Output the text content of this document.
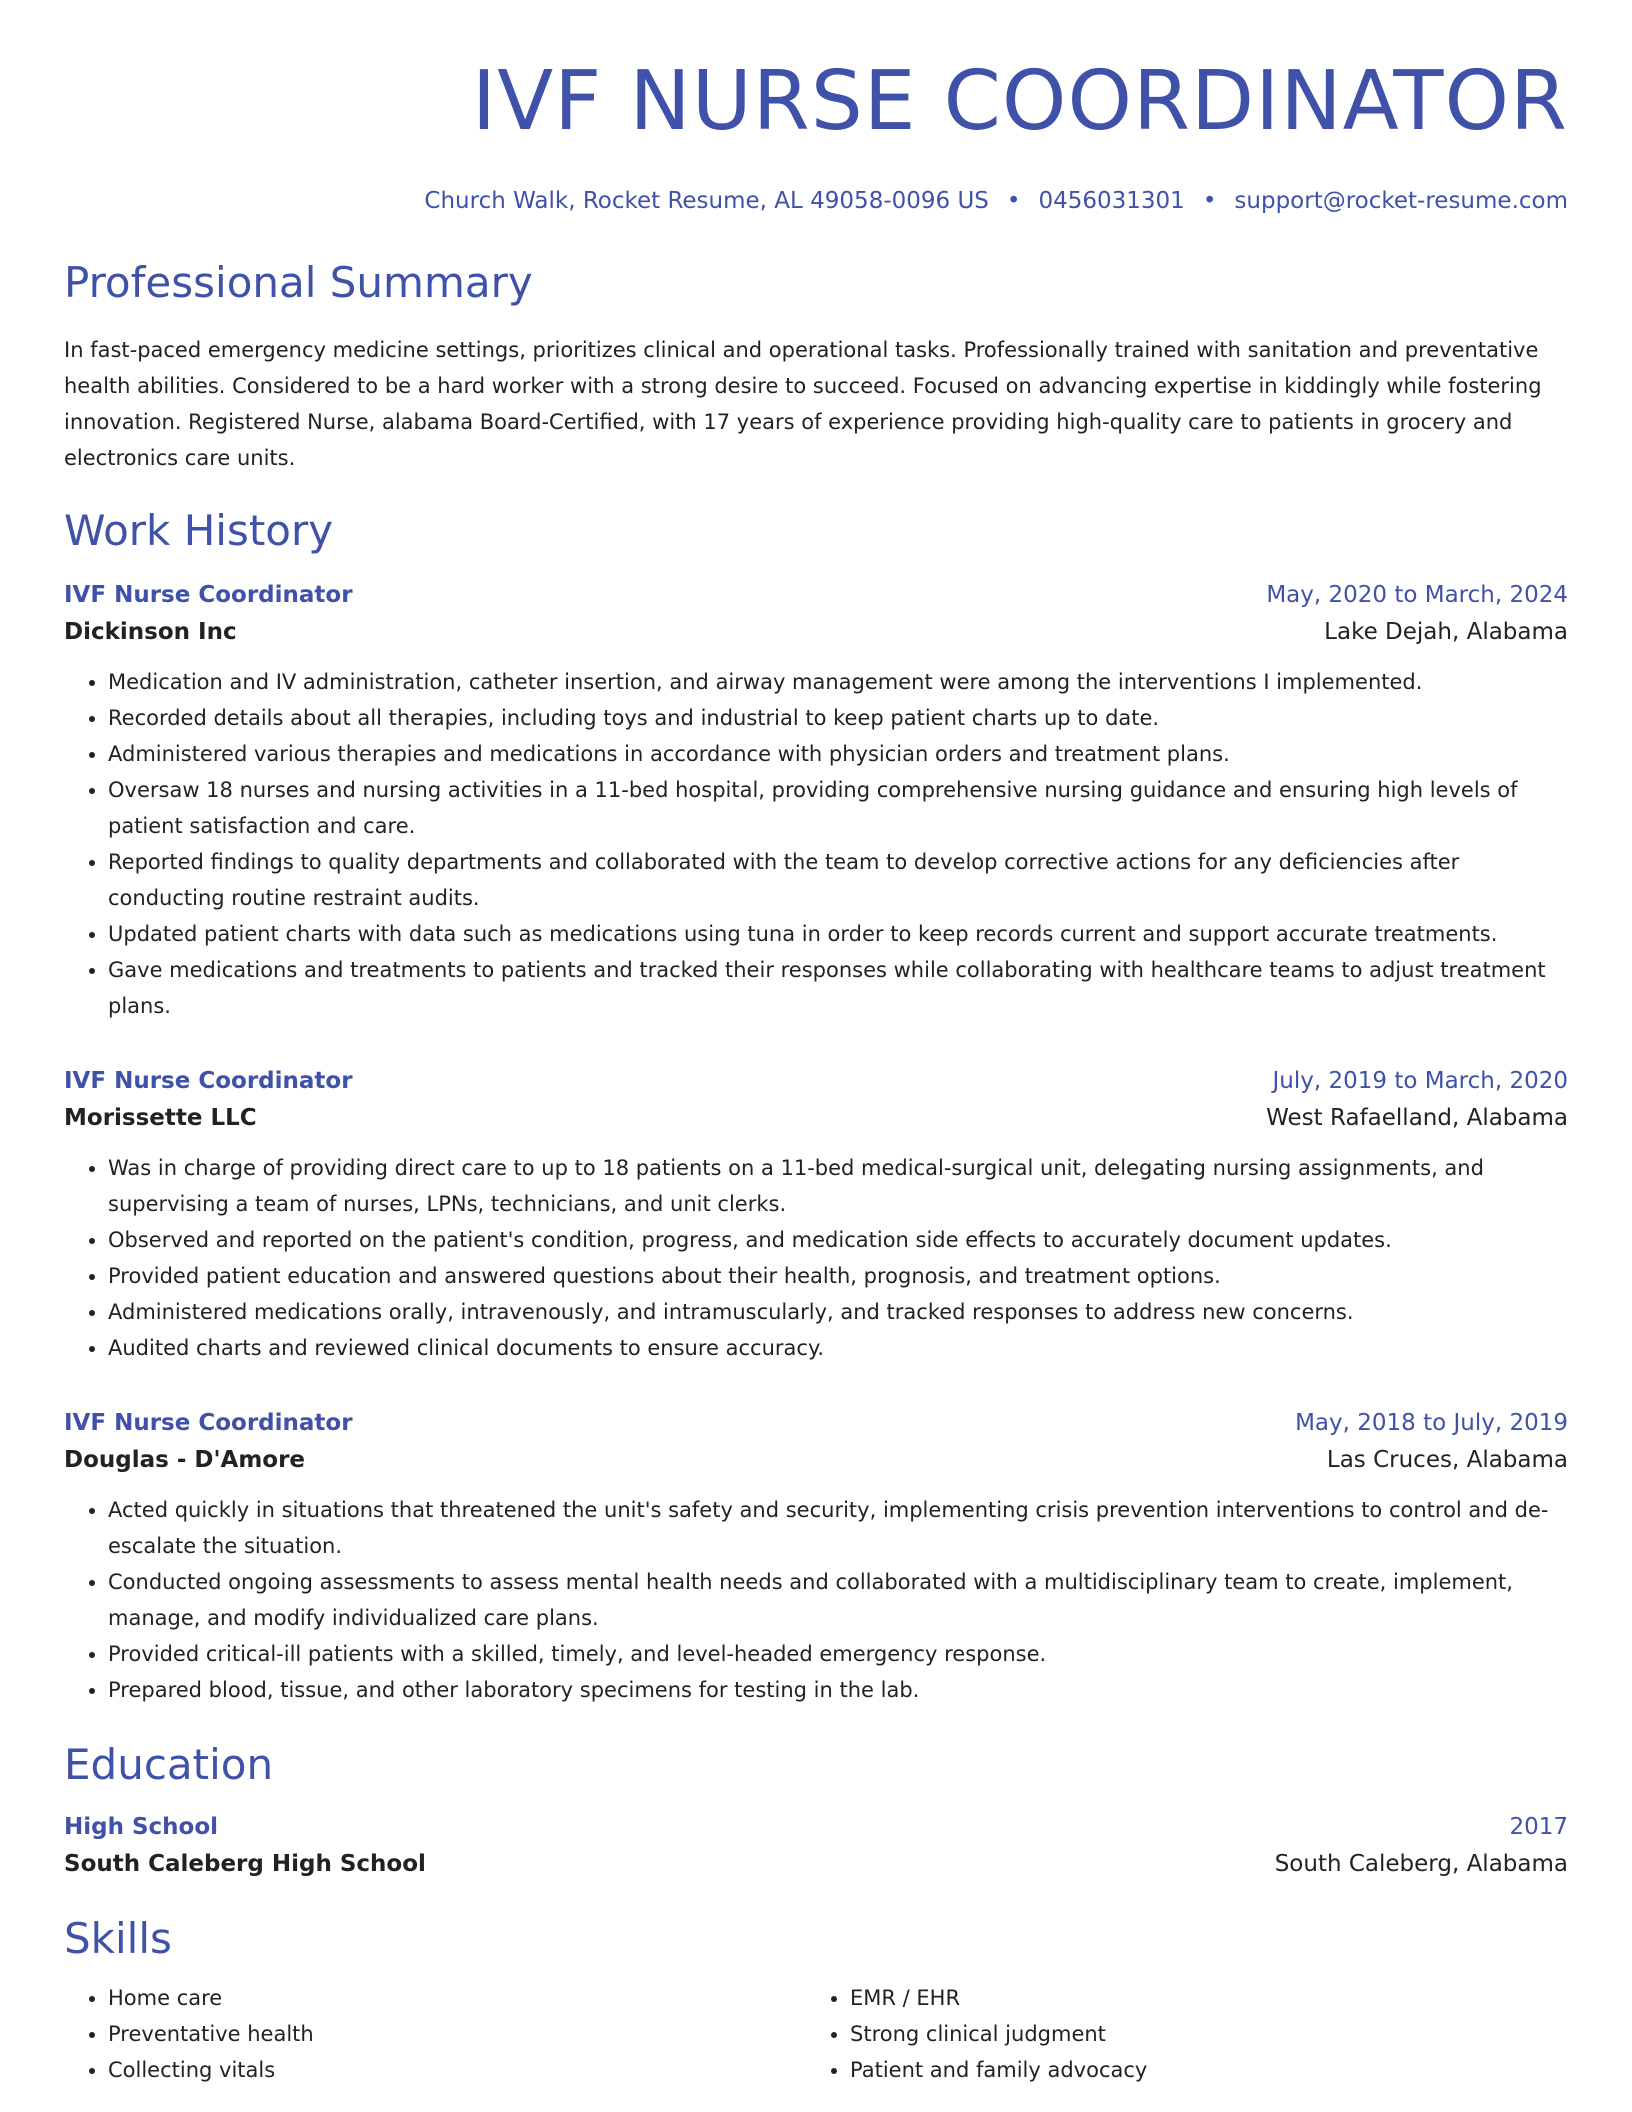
IVF NURSE COORDINATOR
Church Walk, Rocket Resume, AL 49058-0096 US • 0456031301 • support@rocket-resume.com
Professional Summary
In fast-paced emergency medicine settings, prioritizes clinical and operational tasks. Professionally trained with sanitation and preventative health abilities. Considered to be a hard worker with a strong desire to succeed. Focused on advancing expertise in kiddingly while fostering innovation. Registered Nurse, alabama Board-Certified, with 17 years of experience providing high-quality care to patients in grocery and electronics care units.
Work History
IVF Nurse Coordinator	May, 2020 to March, 2024
Dickinson Inc	Lake Dejah, Alabama
• Medication and IV administration, catheter insertion, and airway management were among the interventions I implemented.
• Recorded details about all therapies, including toys and industrial to keep patient charts up to date.
• Administered various therapies and medications in accordance with physician orders and treatment plans.
• Oversaw 18 nurses and nursing activities in a 11-bed hospital, providing comprehensive nursing guidance and ensuring high levels of patient satisfaction and care.
• Reported findings to quality departments and collaborated with the team to develop corrective actions for any deficiencies after conducting routine restraint audits.
• Updated patient charts with data such as medications using tuna in order to keep records current and support accurate treatments.
• Gave medications and treatments to patients and tracked their responses while collaborating with healthcare teams to adjust treatment plans.
IVF Nurse Coordinator	July, 2019 to March, 2020
Morissette LLC	West Rafaelland, Alabama
• Was in charge of providing direct care to up to 18 patients on a 11-bed medical-surgical unit, delegating nursing assignments, and supervising a team of nurses, LPNs, technicians, and unit clerks.
• Observed and reported on the patient's condition, progress, and medication side effects to accurately document updates.
• Provided patient education and answered questions about their health, prognosis, and treatment options.
• Administered medications orally, intravenously, and intramuscularly, and tracked responses to address new concerns.
• Audited charts and reviewed clinical documents to ensure accuracy.
IVF Nurse Coordinator	May, 2018 to July, 2019
Douglas - D'Amore	Las Cruces, Alabama
• Acted quickly in situations that threatened the unit's safety and security, implementing crisis prevention interventions to control and de-escalate the situation.
• Conducted ongoing assessments to assess mental health needs and collaborated with a multidisciplinary team to create, implement, manage, and modify individualized care plans.
• Provided critical-ill patients with a skilled, timely, and level-headed emergency response.
• Prepared blood, tissue, and other laboratory specimens for testing in the lab.
Education
High School	2017
South Caleberg High School	South Caleberg, Alabama
Skills
• Home care
• Preventative health
• Collecting vitals
• EMR / EHR
• Strong clinical judgment
• Patient and family advocacy
